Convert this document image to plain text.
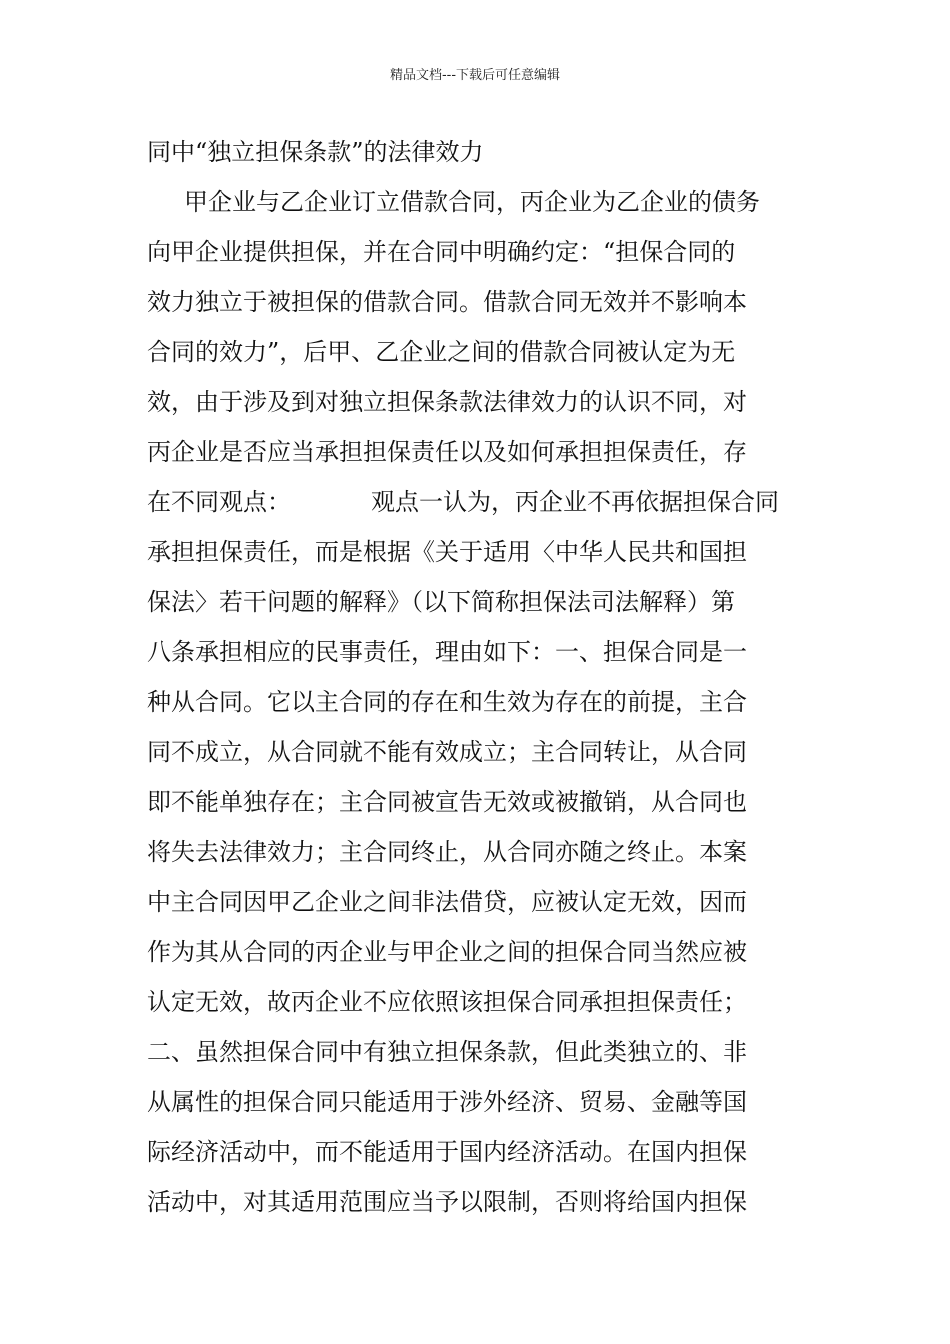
精品文档---下载后可任意编辑
同中“独立担保条款”的法律效力
甲企业与乙企业订立借款合同，丙企业为乙企业的债务
向甲企业提供担保，并在合同中明确约定：“担保合同的
效力独立于被担保的借款合同。借款合同无效并不影响本
合同的效力”，后甲、乙企业之间的借款合同被认定为无
效，由于涉及到对独立担保条款法律效力的认识不同，对
丙企业是否应当承担担保责任以及如何承担担保责任，存
在不同观点：	观点一认为，丙企业不再依据担保合同
承担担保责任，而是根据《关于适用〈中华人民共和国担
保法〉若干问题的解释》（以下简称担保法司法解释）第
八条承担相应的民事责任，理由如下：一、担保合同是一
种从合同。它以主合同的存在和生效为存在的前提，主合
同不成立，从合同就不能有效成立；主合同转让，从合同
即不能单独存在；主合同被宣告无效或被撤销，从合同也
将失去法律效力；主合同终止，从合同亦随之终止。本案
中主合同因甲乙企业之间非法借贷，应被认定无效，因而
作为其从合同的丙企业与甲企业之间的担保合同当然应被
认定无效，故丙企业不应依照该担保合同承担担保责任；
二、虽然担保合同中有独立担保条款，但此类独立的、非
从属性的担保合同只能适用于涉外经济、贸易、金融等国
际经济活动中，而不能适用于国内经济活动。在国内担保
活动中，对其适用范围应当予以限制，否则将给国内担保
